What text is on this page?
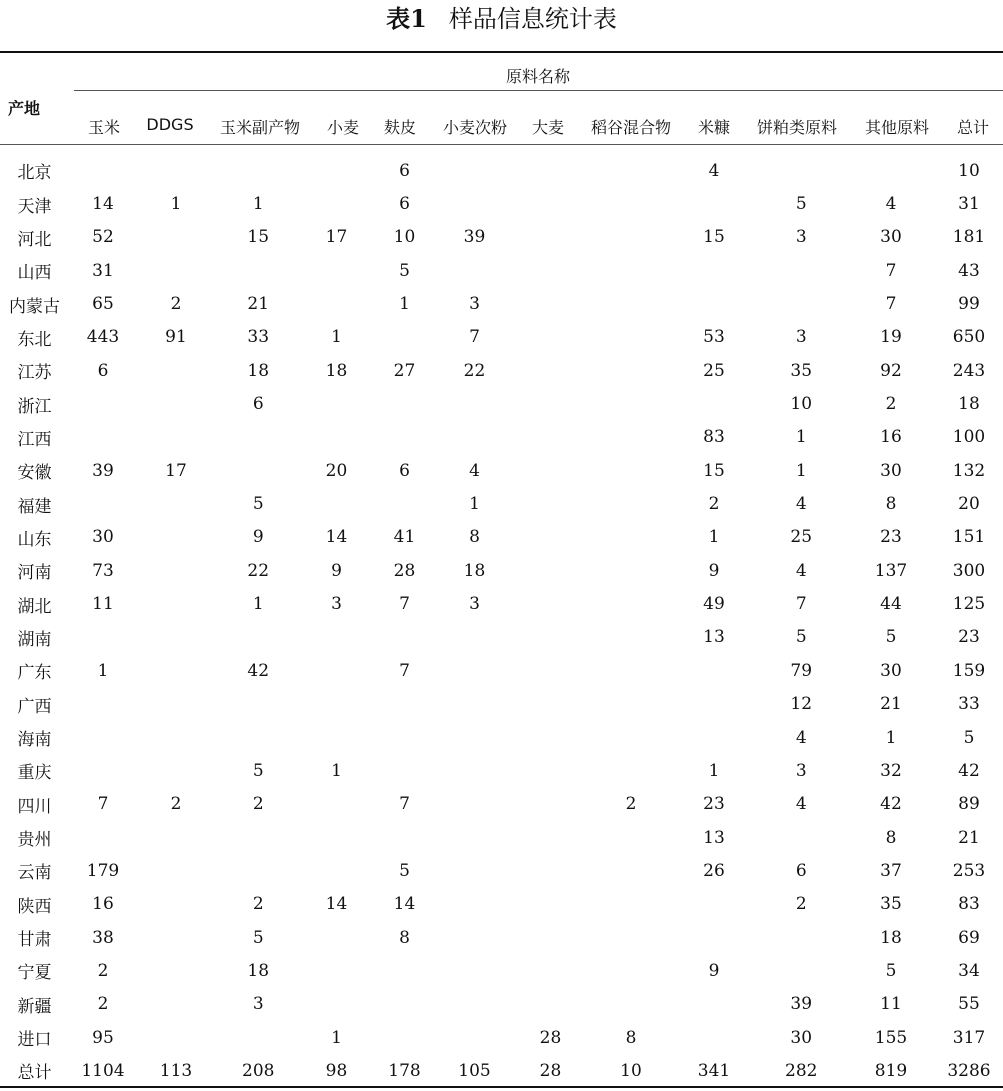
表1 样品信息统计表
产地
原料名称
玉米 DDGS 玉米副产物 小麦 麸皮 小麦次粉 大麦 稻谷混合物 米糠 饼粕类原料 其他原料 总计
北京					6				4			10
天津	14	1	1		6					5	4	31
河北	52		15	17	10	39			15	3	30	181
山西	31				5						7	43
内蒙古	65	2	21		1	3					7	99
东北	443	91	33	1		7			53	3	19	650
江苏	6		18	18	27	22			25	35	92	243
浙江			6							10	2	18
江西									83	1	16	100
安徽	39	17		20	6	4			15	1	30	132
福建			5			1			2	4	8	20
山东	30		9	14	41	8			1	25	23	151
河南	73		22	9	28	18			9	4	137	300
湖北	11		1	3	7	3			49	7	44	125
湖南									13	5	5	23
广东	1		42		7					79	30	159
广西										12	21	33
海南										4	1	5
重庆			5	1					1	3	32	42
四川	7	2	2		7			2	23	4	42	89
贵州									13		8	21
云南	179				5				26	6	37	253
陕西	16		2	14	14					2	35	83
甘肃	38		5		8						18	69
宁夏	2		18						9		5	34
新疆	2		3							39	11	55
进口	95			1			28	8		30	155	317
总计	1104	113	208	98	178	105	28	10	341	282	819	3286
